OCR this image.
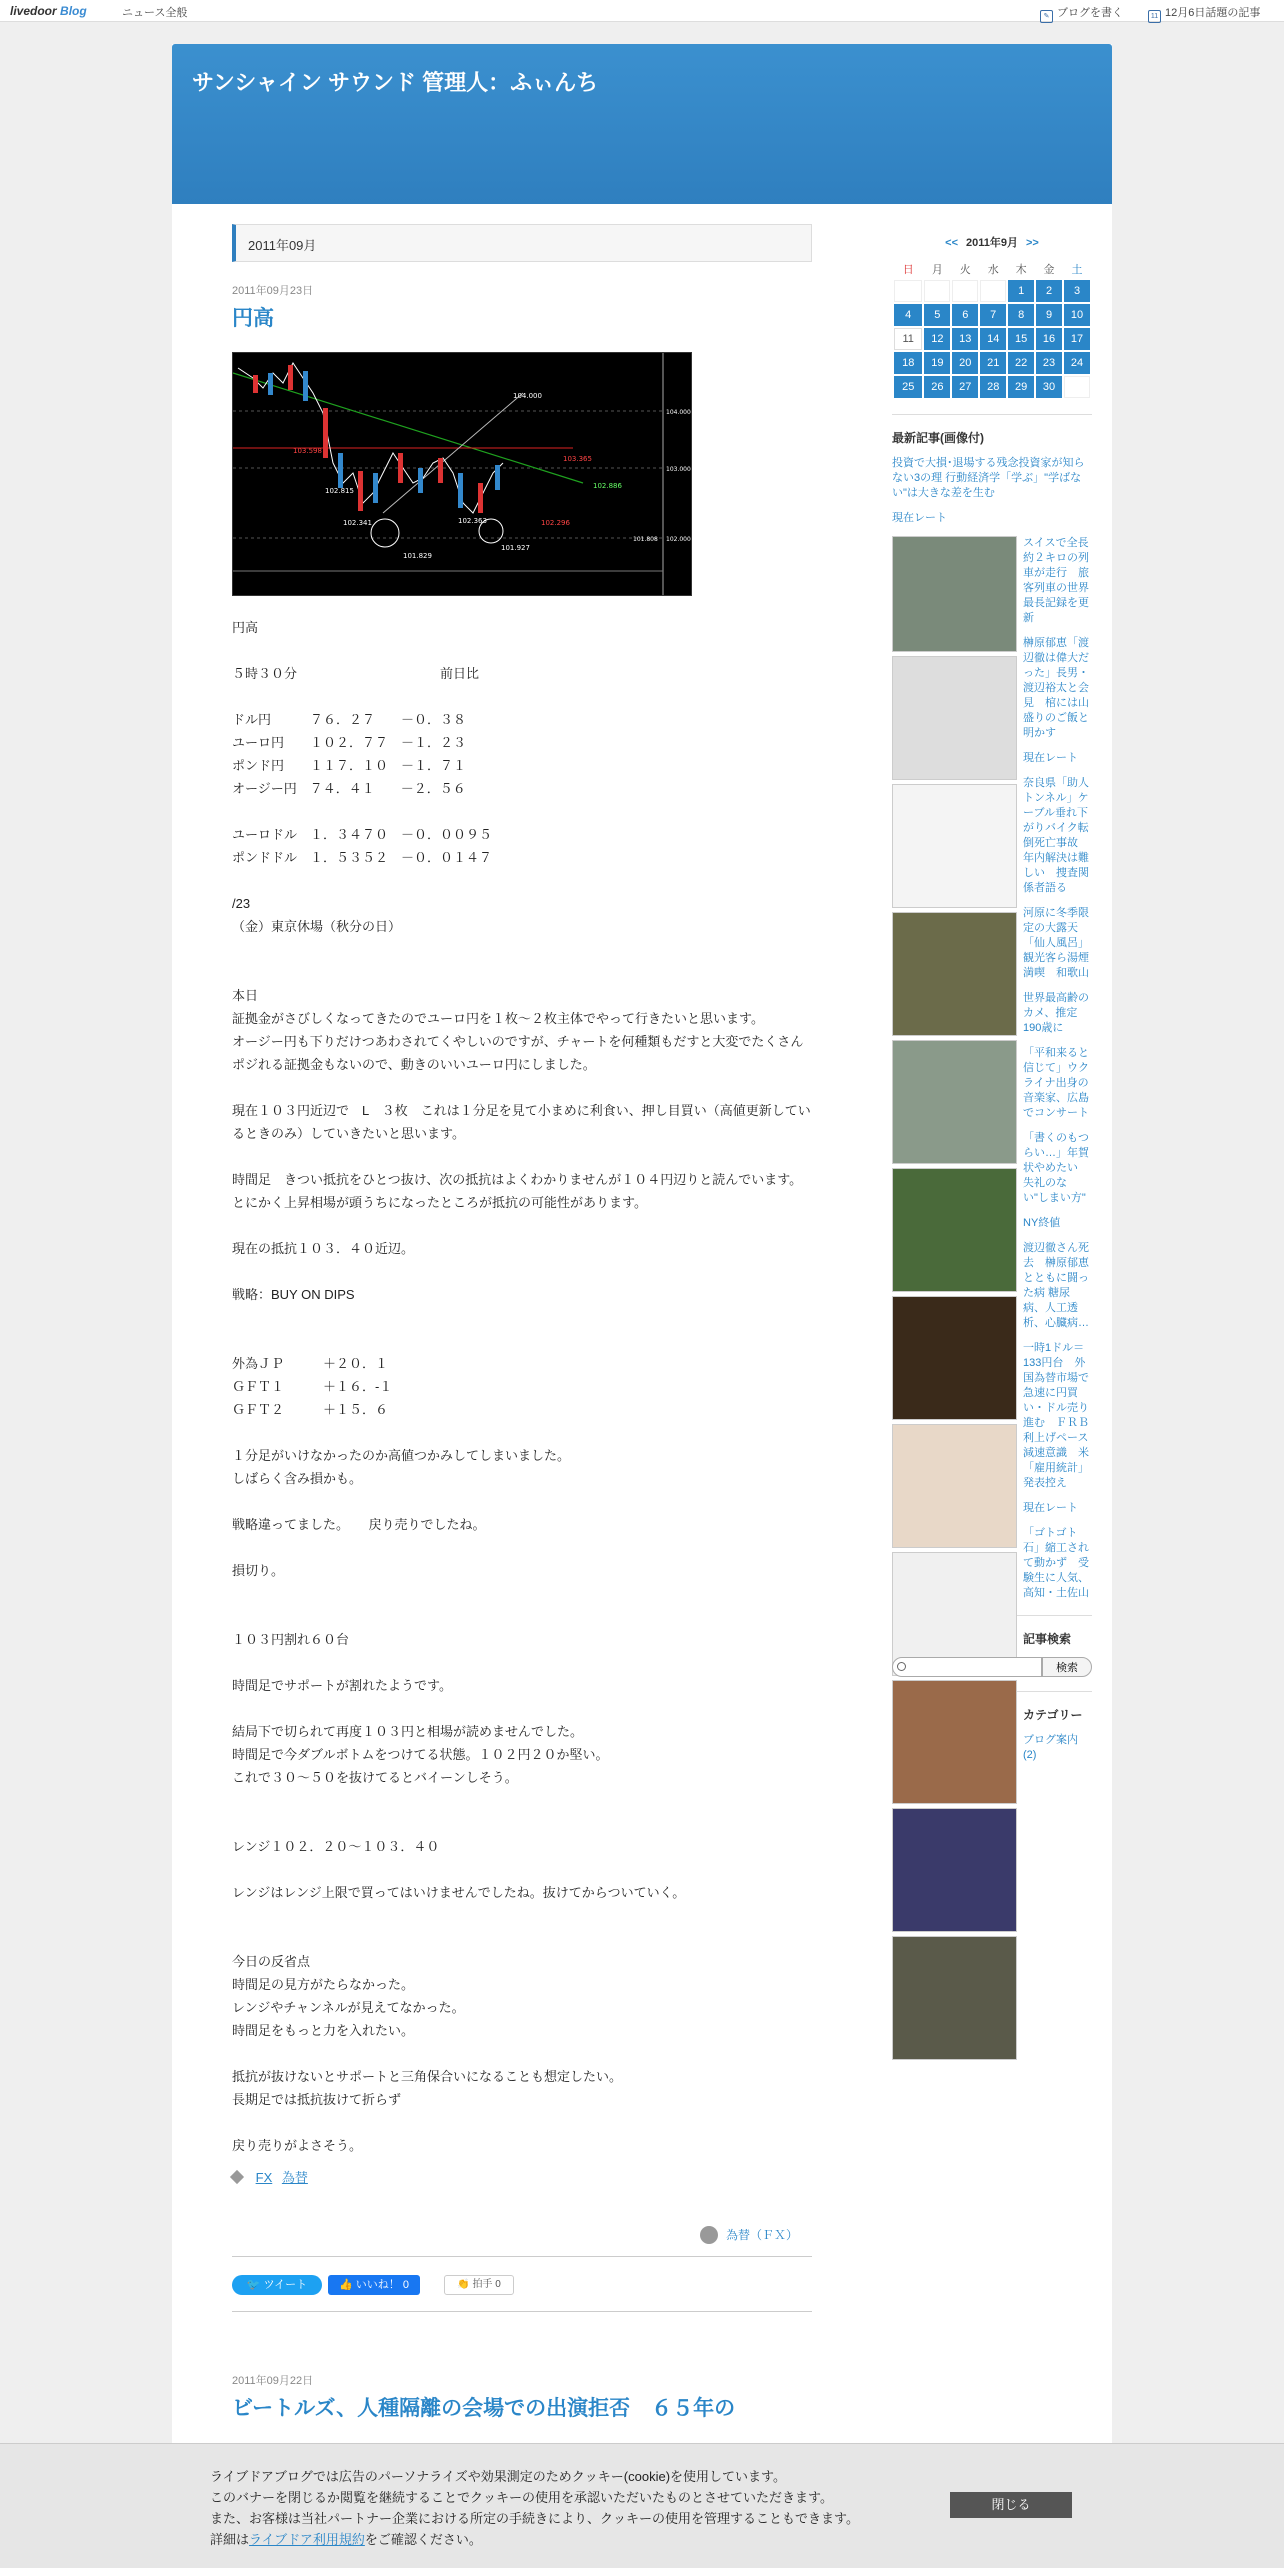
livedoor Blog	ニュース全般	✎ ブログを書く	11 12月6日話題の記事
サンシャイン サウンド 管理人：ふぃんち
2011年09月
2011年09月23日
円高
104.000
103.598
103.365
102.886
102.815
102.341	102.363	102.296
101.829
101.927
101.808
104.000
103.000
102.000

円高

５時３０分　　　　　　　　　　　前日比

ドル円　　　７６．２７　　－０．３８

ユーロ円　　１０２．７７　－１．２３

ポンド円　　１１７．１０　－１．７１

オージー円　７４．４１　　－２．５６

ユーロドル　１．３４７０　－０．００９５

ポンドドル　１．５３５２　－０．０１４７

/23

（金）東京休場（秋分の日）

本日

証拠金がさびしくなってきたのでユーロ円を１枚～２枚主体でやって行きたいと思います。

オージー円も下りだけつあわされてくやしいのですが、チャートを何種類もだすと大変でたくさんポジれる証拠金もないので、動きのいいユーロ円にしました。

現在１０３円近辺で　L　３枚　これは１分足を見て小まめに利食い、押し目買い（高値更新しているときのみ）していきたいと思います。

時間足　きつい抵抗をひとつ抜け、次の抵抗はよくわかりませんが１０４円辺りと読んでいます。

とにかく上昇相場が頭うちになったところが抵抗の可能性があります。

現在の抵抗１０３．４０近辺。

戦略：BUY ON DIPS

外為ＪＰ　　　＋２０．１

ＧＦＴ１　　　＋１６．‐１

ＧＦＴ２　　　＋１５．６

１分足がいけなかったのか高値つかみしてしまいました。

しばらく含み損かも。

戦略違ってました。　　戻り売りでしたね。

損切り。

１０３円割れ６０台

時間足でサポートが割れたようです。

結局下で切られて再度１０３円と相場が読めませんでした。

時間足で今ダブルボトムをつけてる状態。１０２円２０か堅い。

これで３０～５０を抜けてるとバイーンしそう。

レンジ１０２．２０～１０３．４０

レンジはレンジ上限で買ってはいけませんでしたね。抜けてからついていく。

今日の反省点

時間足の見方がたらなかった。

レンジやチャンネルが見えてなかった。

時間足をもっと力を入れたい。

抵抗が抜けないとサポートと三角保合いになることも想定したい。

長期足では抵抗抜けて折らず

戻り売りがよさそう。

FX 為替
為替（ＦＸ）
🐦 ツイート	👍 いいね！ 0	👏 拍手 0
2011年09月22日
ビートルズ、人種隔離の会場での出演拒否　６５年の
<< 2011年9月 >>
日	月	火	水	木	金	土
				1	2	3
4	5	6	7	8	9	10
11	12	13	14	15	16	17
18	19	20	21	22	23	24
25	26	27	28	29	30	
最新記事(画像付)
投資で大損･退場する残念投資家が知らない3の理 行動経済学「学ぶ」"学ばない"は大きな差を生む
現在レート
スイスで全長約２キロの列車が走行　旅客列車の世界最長記録を更新
榊原郁恵「渡辺徹は偉大だった」長男・渡辺裕太と会見　棺には山盛りのご飯と明かす
現在レート
奈良県「助人トンネル」ケーブル垂れ下がりバイク転倒死亡事故　年内解決は難しい　捜査関係者語る
河原に冬季限定の大露天「仙人風呂」　観光客ら湯煙満喫　和歌山
世界最高齢のカメ、推定190歳に
「平和来ると信じて」ウクライナ出身の音楽家、広島でコンサート
「書くのもつらい…」年賀状やめたい　失礼のない"しまい方"
NY終値
渡辺徹さん死去　榊原郁恵とともに闘った病 糖尿病、人工透析、心臓病…
一時1ドル＝133円台　外国為替市場で急速に円買い・ドル売り進む　ＦＲＢ利上げペース減速意識　米「雇用統計」発表控え
現在レート
「ゴトゴト石」縮工されて動かず　受験生に人気、高知・土佐山
記事検索
検索
カテゴリー
ブログ案内 (2)
ライブドアブログでは広告のパーソナライズや効果測定のためクッキー(cookie)を使用しています。
このバナーを閉じるか閲覧を継続することでクッキーの使用を承認いただいたものとさせていただきます。
また、お客様は当社パートナー企業における所定の手続きにより、クッキーの使用を管理することもできます。
詳細はライブドア利用規約をご確認ください。
閉じる
